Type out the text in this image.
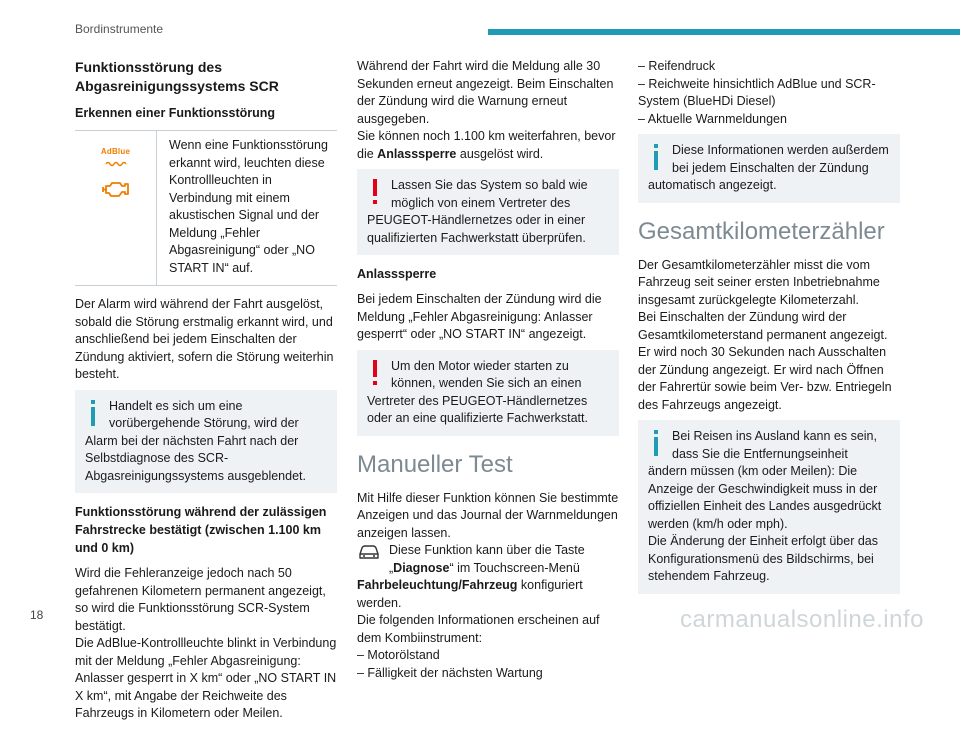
Bordinstrumente
Funktionsstörung des Abgasreinigungssystems SCR
Erkennen einer Funktionsstörung
AdBlue	Wenn eine Funktionsstörung erkannt wird, leuchten diese Kontrollleuchten in Verbindung mit einem akustischen Signal und der Meldung „Fehler Abgasreinigung“ oder „NO START IN“ auf.

Der Alarm wird während der Fahrt ausgelöst, sobald die Störung erstmalig erkannt wird, und anschließend bei jedem Einschalten der Zündung aktiviert, sofern die Störung weiterhin besteht.

Handelt es sich um eine vorübergehende Störung, wird der Alarm bei der nächsten Fahrt nach der Selbstdiagnose des SCR-Abgasreinigungssystems ausgeblendet.

Funktionsstörung während der zulässigen Fahrstrecke bestätigt (zwischen 1.100 km und 0 km)

Wird die Fehleranzeige jedoch nach 50 gefahrenen Kilometern permanent angezeigt, so wird die Funktionsstörung SCR-System bestätigt.

Die AdBlue-Kontrollleuchte blinkt in Verbindung mit der Meldung „Fehler Abgasreinigung: Anlasser gesperrt in X km“ oder „NO START IN X km“, mit Angabe der Reichweite des Fahrzeugs in Kilometern oder Meilen.

Während der Fahrt wird die Meldung alle 30 Sekunden erneut angezeigt. Beim Einschalten der Zündung wird die Warnung erneut ausgegeben.

Sie können noch 1.100 km weiterfahren, bevor die Anlasssperre ausgelöst wird.

Lassen Sie das System so bald wie möglich von einem Vertreter des PEUGEOT-Händlernetzes oder in einer qualifizierten Fachwerkstatt überprüfen.

Anlasssperre

Bei jedem Einschalten der Zündung wird die Meldung „Fehler Abgasreinigung: Anlasser gesperrt“ oder „NO START IN“ angezeigt.

Um den Motor wieder starten zu können, wenden Sie sich an einen Vertreter des PEUGEOT-Händlernetzes oder an eine qualifizierte Fachwerkstatt.

Manueller Test

Mit Hilfe dieser Funktion können Sie bestimmte Anzeigen und das Journal der Warnmeldungen anzeigen lassen.

Diese Funktion kann über die Taste „Diagnose“ im Touchscreen-Menü Fahrbeleuchtung/Fahrzeug konfiguriert werden.

Die folgenden Informationen erscheinen auf dem Kombiinstrument:

– Motorölstand

– Fälligkeit der nächsten Wartung

– Reifendruck

– Reichweite hinsichtlich AdBlue und SCR-System (BlueHDi Diesel)

– Aktuelle Warnmeldungen

Diese Informationen werden außerdem bei jedem Einschalten der Zündung automatisch angezeigt.

Gesamtkilometerzähler

Der Gesamtkilometerzähler misst die vom Fahrzeug seit seiner ersten Inbetriebnahme insgesamt zurückgelegte Kilometerzahl.

Bei Einschalten der Zündung wird der Gesamtkilometerstand permanent angezeigt. Er wird noch 30 Sekunden nach Ausschalten der Zündung angezeigt. Er wird nach Öffnen der Fahrertür sowie beim Ver- bzw. Entriegeln des Fahrzeugs angezeigt.

Bei Reisen ins Ausland kann es sein, dass Sie die Entfernungseinheit ändern müssen (km oder Meilen): Die Anzeige der Geschwindigkeit muss in der offiziellen Einheit des Landes ausgedrückt werden (km/h oder mph).

Die Änderung der Einheit erfolgt über das Konfigurationsmenü des Bildschirms, bei stehendem Fahrzeug.

18	carmanualsonline.info
